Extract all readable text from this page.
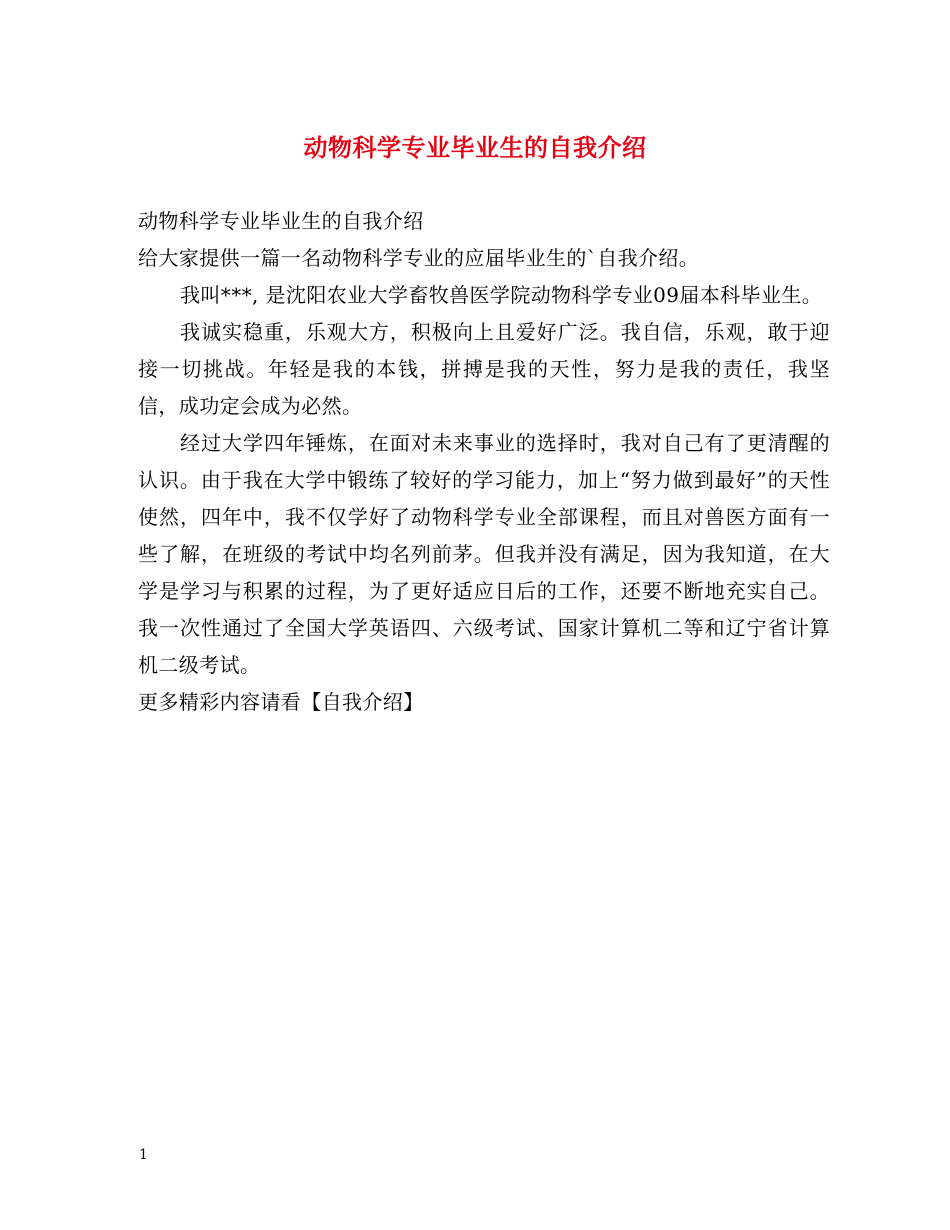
动物科学专业毕业生的自我介绍

动物科学专业毕业生的自我介绍

给大家提供一篇一名动物科学专业的应届毕业生的`自我介绍。

我叫***, 是沈阳农业大学畜牧兽医学院动物科学专业09届本科毕业生。

我诚实稳重，乐观大方，积极向上且爱好广泛。我自信，乐观，敢于迎接一切挑战。年轻是我的本钱，拼搏是我的天性，努力是我的责任，我坚信，成功定会成为必然。

经过大学四年锤炼，在面对未来事业的选择时，我对自己有了更清醒的认识。由于我在大学中锻练了较好的学习能力，加上“努力做到最好”的天性使然，四年中，我不仅学好了动物科学专业全部课程，而且对兽医方面有一些了解，在班级的考试中均名列前茅。但我并没有满足，因为我知道，在大学是学习与积累的过程，为了更好适应日后的工作，还要不断地充实自己。我一次性通过了全国大学英语四、六级考试、国家计算机二等和辽宁省计算机二级考试。

更多精彩内容请看【自我介绍】

1
